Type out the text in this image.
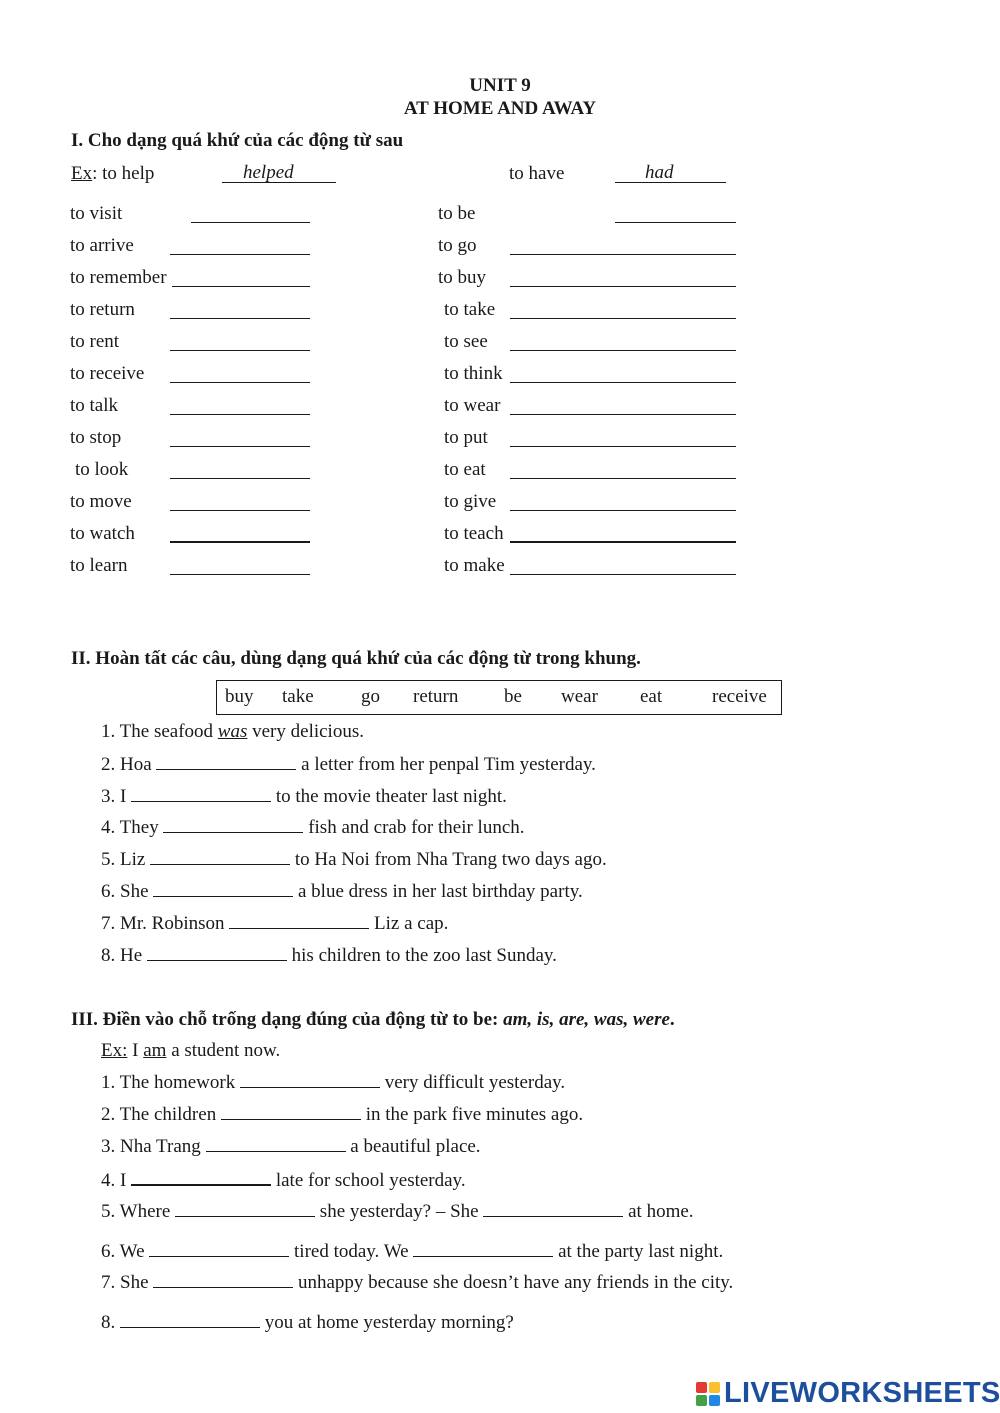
UNIT 9
AT HOME AND AWAY
I. Cho dạng quá khứ của các động từ sau
Ex: to help	helped	to have	had
to visit
to arrive
to remember
to return
to rent
to receive
to talk
to stop
to look
to move
to watch
to learn
to be
to go
to buy
to take
to see
to think
to wear
to put
to eat
to give
to teach
to make
II. Hoàn tất các câu, dùng dạng quá khứ của các động từ trong khung.
buy take go return be wear eat	receive
1. The seafood was very delicious.
2. Hoa	a letter from her penpal Tim yesterday.
3. I	to the movie theater last night.
4. They	fish and crab for their lunch.
5. Liz	to Ha Noi from Nha Trang two days ago.
6. She	a blue dress in her last birthday party.
7. Mr. Robinson	Liz a cap.
8. He	his children to the zoo last Sunday.
III. Điền vào chỗ trống dạng đúng của động từ to be: am, is, are, was, were.
Ex: I am a student now.
1. The homework	very difficult yesterday.
2. The children	in the park five minutes ago.
3. Nha Trang	a beautiful place.
4. I	late for school yesterday.
5. Where	she yesterday? – She	at home.
6. We	tired today. We	at the party last night.
7. She	unhappy because she doesn’t have any friends in the city.
8.	you at home yesterday morning?
LIVEWORKSHEETS
